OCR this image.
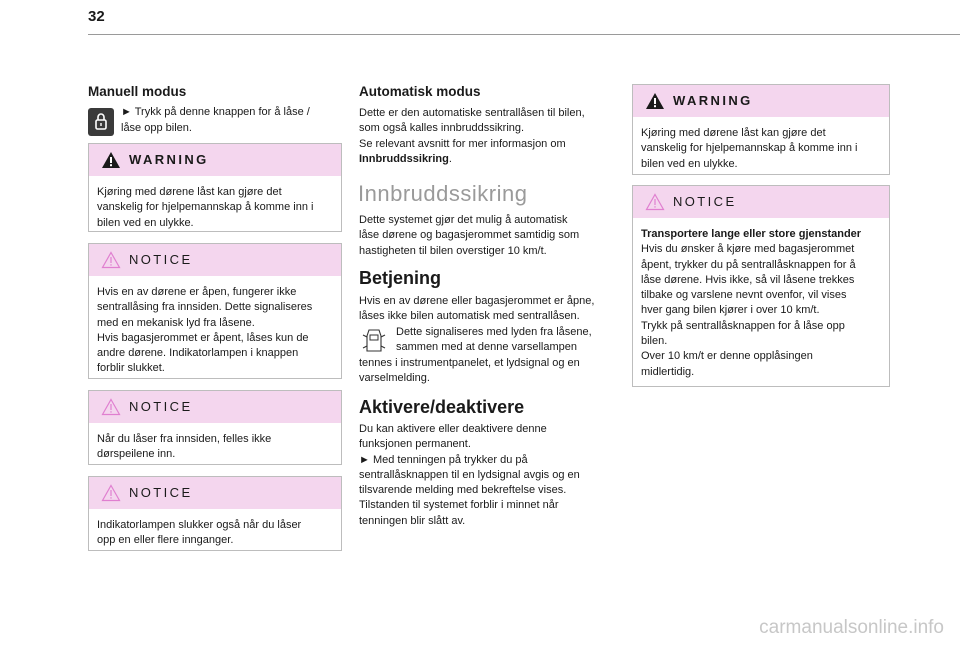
32
Manuell modus
► Trykk på denne knappen for å låse /
låse opp bilen.
WARNING
Kjøring med dørene låst kan gjøre det
vanskelig for hjelpemannskap å komme inn i
bilen ved en ulykke.
NOTICE
Hvis en av dørene er åpen, fungerer ikke
sentrallåsing fra innsiden. Dette signaliseres
med en mekanisk lyd fra låsene.
Hvis bagasjerommet er åpent, låses kun de
andre dørene. Indikatorlampen i knappen
forblir slukket.
NOTICE
Når du låser fra innsiden, felles ikke
dørspeilene inn.
NOTICE
Indikatorlampen slukker også når du låser
opp en eller flere innganger.
Automatisk modus
Dette er den automatiske sentrallåsen til bilen,
som også kalles innbruddssikring.
Se relevant avsnitt for mer informasjon om
Innbruddssikring.
Innbruddssikring
Dette systemet gjør det mulig å automatisk
låse dørene og bagasjerommet samtidig som
hastigheten til bilen overstiger 10 km/t.
Betjening
Hvis en av dørene eller bagasjerommet er åpne,
låses ikke bilen automatisk med sentrallåsen.
Dette signaliseres med lyden fra låsene,
sammen med at denne varsellampen
tennes i instrumentpanelet, et lydsignal og en
varselmelding.
Aktivere/deaktivere
Du kan aktivere eller deaktivere denne
funksjonen permanent.
► Med tenningen på trykker du på
sentrallåsknappen til en lydsignal avgis og en
tilsvarende melding med bekreftelse vises.
Tilstanden til systemet forblir i minnet når
tenningen blir slått av.
WARNING
Kjøring med dørene låst kan gjøre det
vanskelig for hjelpemannskap å komme inn i
bilen ved en ulykke.
NOTICE
Transportere lange eller store gjenstander
Hvis du ønsker å kjøre med bagasjerommet
åpent, trykker du på sentrallåsknappen for å
låse dørene. Hvis ikke, så vil låsene trekkes
tilbake og varslene nevnt ovenfor, vil vises
hver gang bilen kjører i over 10 km/t.
Trykk på sentrallåsknappen for å låse opp
bilen.
Over 10 km/t er denne opplåsingen
midlertidig.
carmanualsonline.info
